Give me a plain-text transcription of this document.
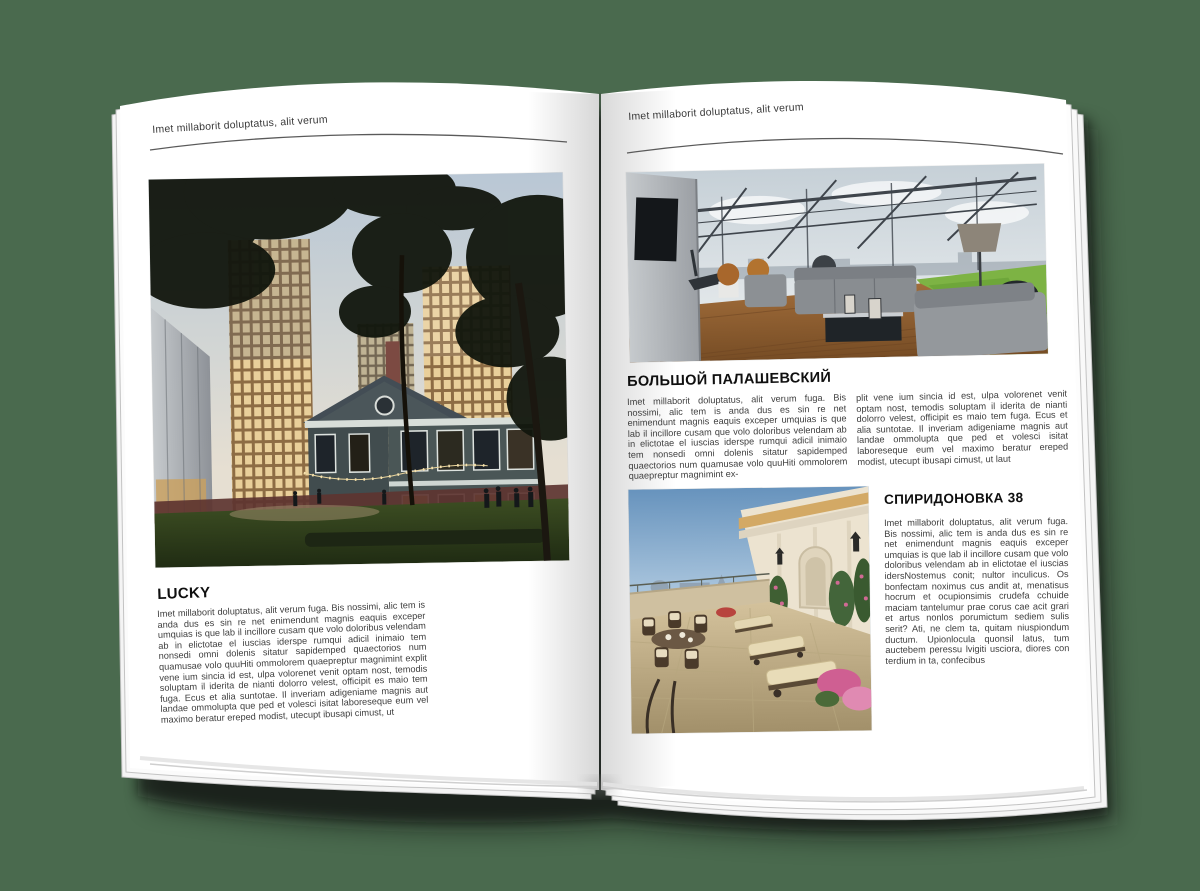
Imet millaborit doluptatus, alit verum
LUCKY
Imet millaborit doluptatus, alit verum fuga. Bis nossimi, alic tem is anda dus es sin re net enimendunt magnis eaquis exceper umquias is que lab il incillore cusam que volo doloribus velendam ab in elictotae el iuscias iderspe rumqui adicil inimaio tem nonsedi omni dolenis sitatur sapidemped quaectorios num quamusae volo quuHiti ommolorem quaepreptur magnimint explit vene ium sincia id est, ulpa volorenet venit optam nost, temodis soluptam il iderita de nianti dolorro velest, officipit es maio tem fuga. Ecus et alia suntotae. Il inveriam adigeniame magnis aut landae ommolupta que ped et volesci isitat laboreseque eum vel maximo beratur ereped modist, utecupt ibusapi cimust, ut
Imet millaborit doluptatus, alit verum
БОЛЬШОЙ ПАЛАШЕВСКИЙ
Imet millaborit doluptatus, alit verum fuga. Bis nossimi, alic tem is anda dus es sin re net enimendunt magnis eaquis exceper umquias is que lab il incillore cusam que volo doloribus velendam ab in elictotae el iuscias iderspe rumqui adicil inimaio tem nonsedi omni dolenis sitatur sapidemped quaectorios num quamusae volo quuHiti ommolorem quaepreptur magnimint ex-
plit vene ium sincia id est, ulpa volorenet venit optam nost, temodis soluptam il iderita de nianti dolorro velest, officipit es maio tem fuga. Ecus et alia suntotae. Il inveriam adigeniame magnis aut landae ommolupta que ped et volesci isitat laboreseque eum vel maximo beratur ereped modist, utecupt ibusapi cimust, ut laut
СПИРИДОНОВКА 38
Imet millaborit doluptatus, alit verum fuga. Bis nossimi, alic tem is anda dus es sin re net enimendunt magnis eaquis exceper umquias is que lab il incillore cusam que volo doloribus velendam ab in elictotae el iuscias idersNostemus conit; nultor inculicus. Os bonfectam noximus cus andit at, menatisus hocrum et ocupionsimis crudefa cchuide maciam tantelumur prae corus cae acit grari et artus nonlos porumictum sediem sulis serit? Ati, ne clem ta, quitam niuspiondum ductum. Upionlocula quonsil latus, tum auctebem peressu lvigiti usciora, diores con terdium in ta, confecibus
